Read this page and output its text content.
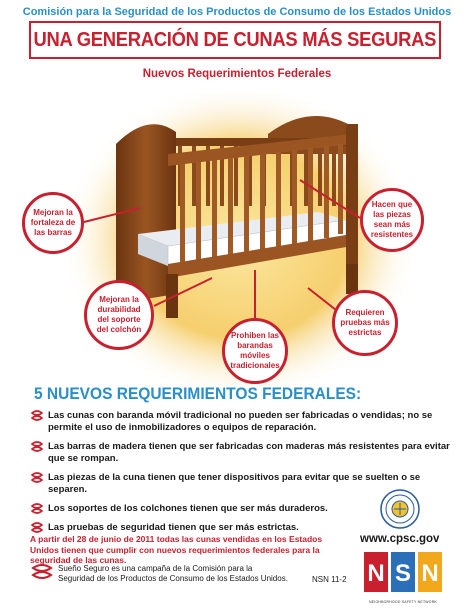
Comisión para la Seguridad de los Productos de Consumo de los Estados Unidos
UNA GENERACIÓN DE CUNAS MÁS SEGURAS
Nuevos Requerimientos Federales
Mejoran la fortaleza de las barras
Hacen que las piezas sean más resistentes
Mejoran la durabilidad del soporte del colchón
Prohiben las barandas móviles tradicionales
Requieren pruebas más estrictas
5 NUEVOS REQUERIMIENTOS FEDERALES:
Las cunas con baranda móvil tradicional no pueden ser fabricadas o vendidas; no se permite el uso de inmobilizadores o equipos de reparación.
Las barras de madera tienen que ser fabricadas con maderas más resistentes para evitar que se rompan.
Las piezas de la cuna tienen que tener dispositivos para evitar que se suelten o se separen.
Los soportes de los colchones tienen que ser más duraderos.
Las pruebas de seguridad tienen que ser más estrictas.
www.cpsc.gov
A partir del 28 de junio de 2011 todas las cunas vendidas en los Estados Unidos tienen que cumplir con nuevos requerimientos federales para la seguridad de las cunas.
Sueño Seguro es una campaña de la Comisión para la Seguridad de los Productos de Consumo de los Estados Unidos.	NSN 11-2 N S N
NEIGHBORHOOD SAFETY NETWORK
